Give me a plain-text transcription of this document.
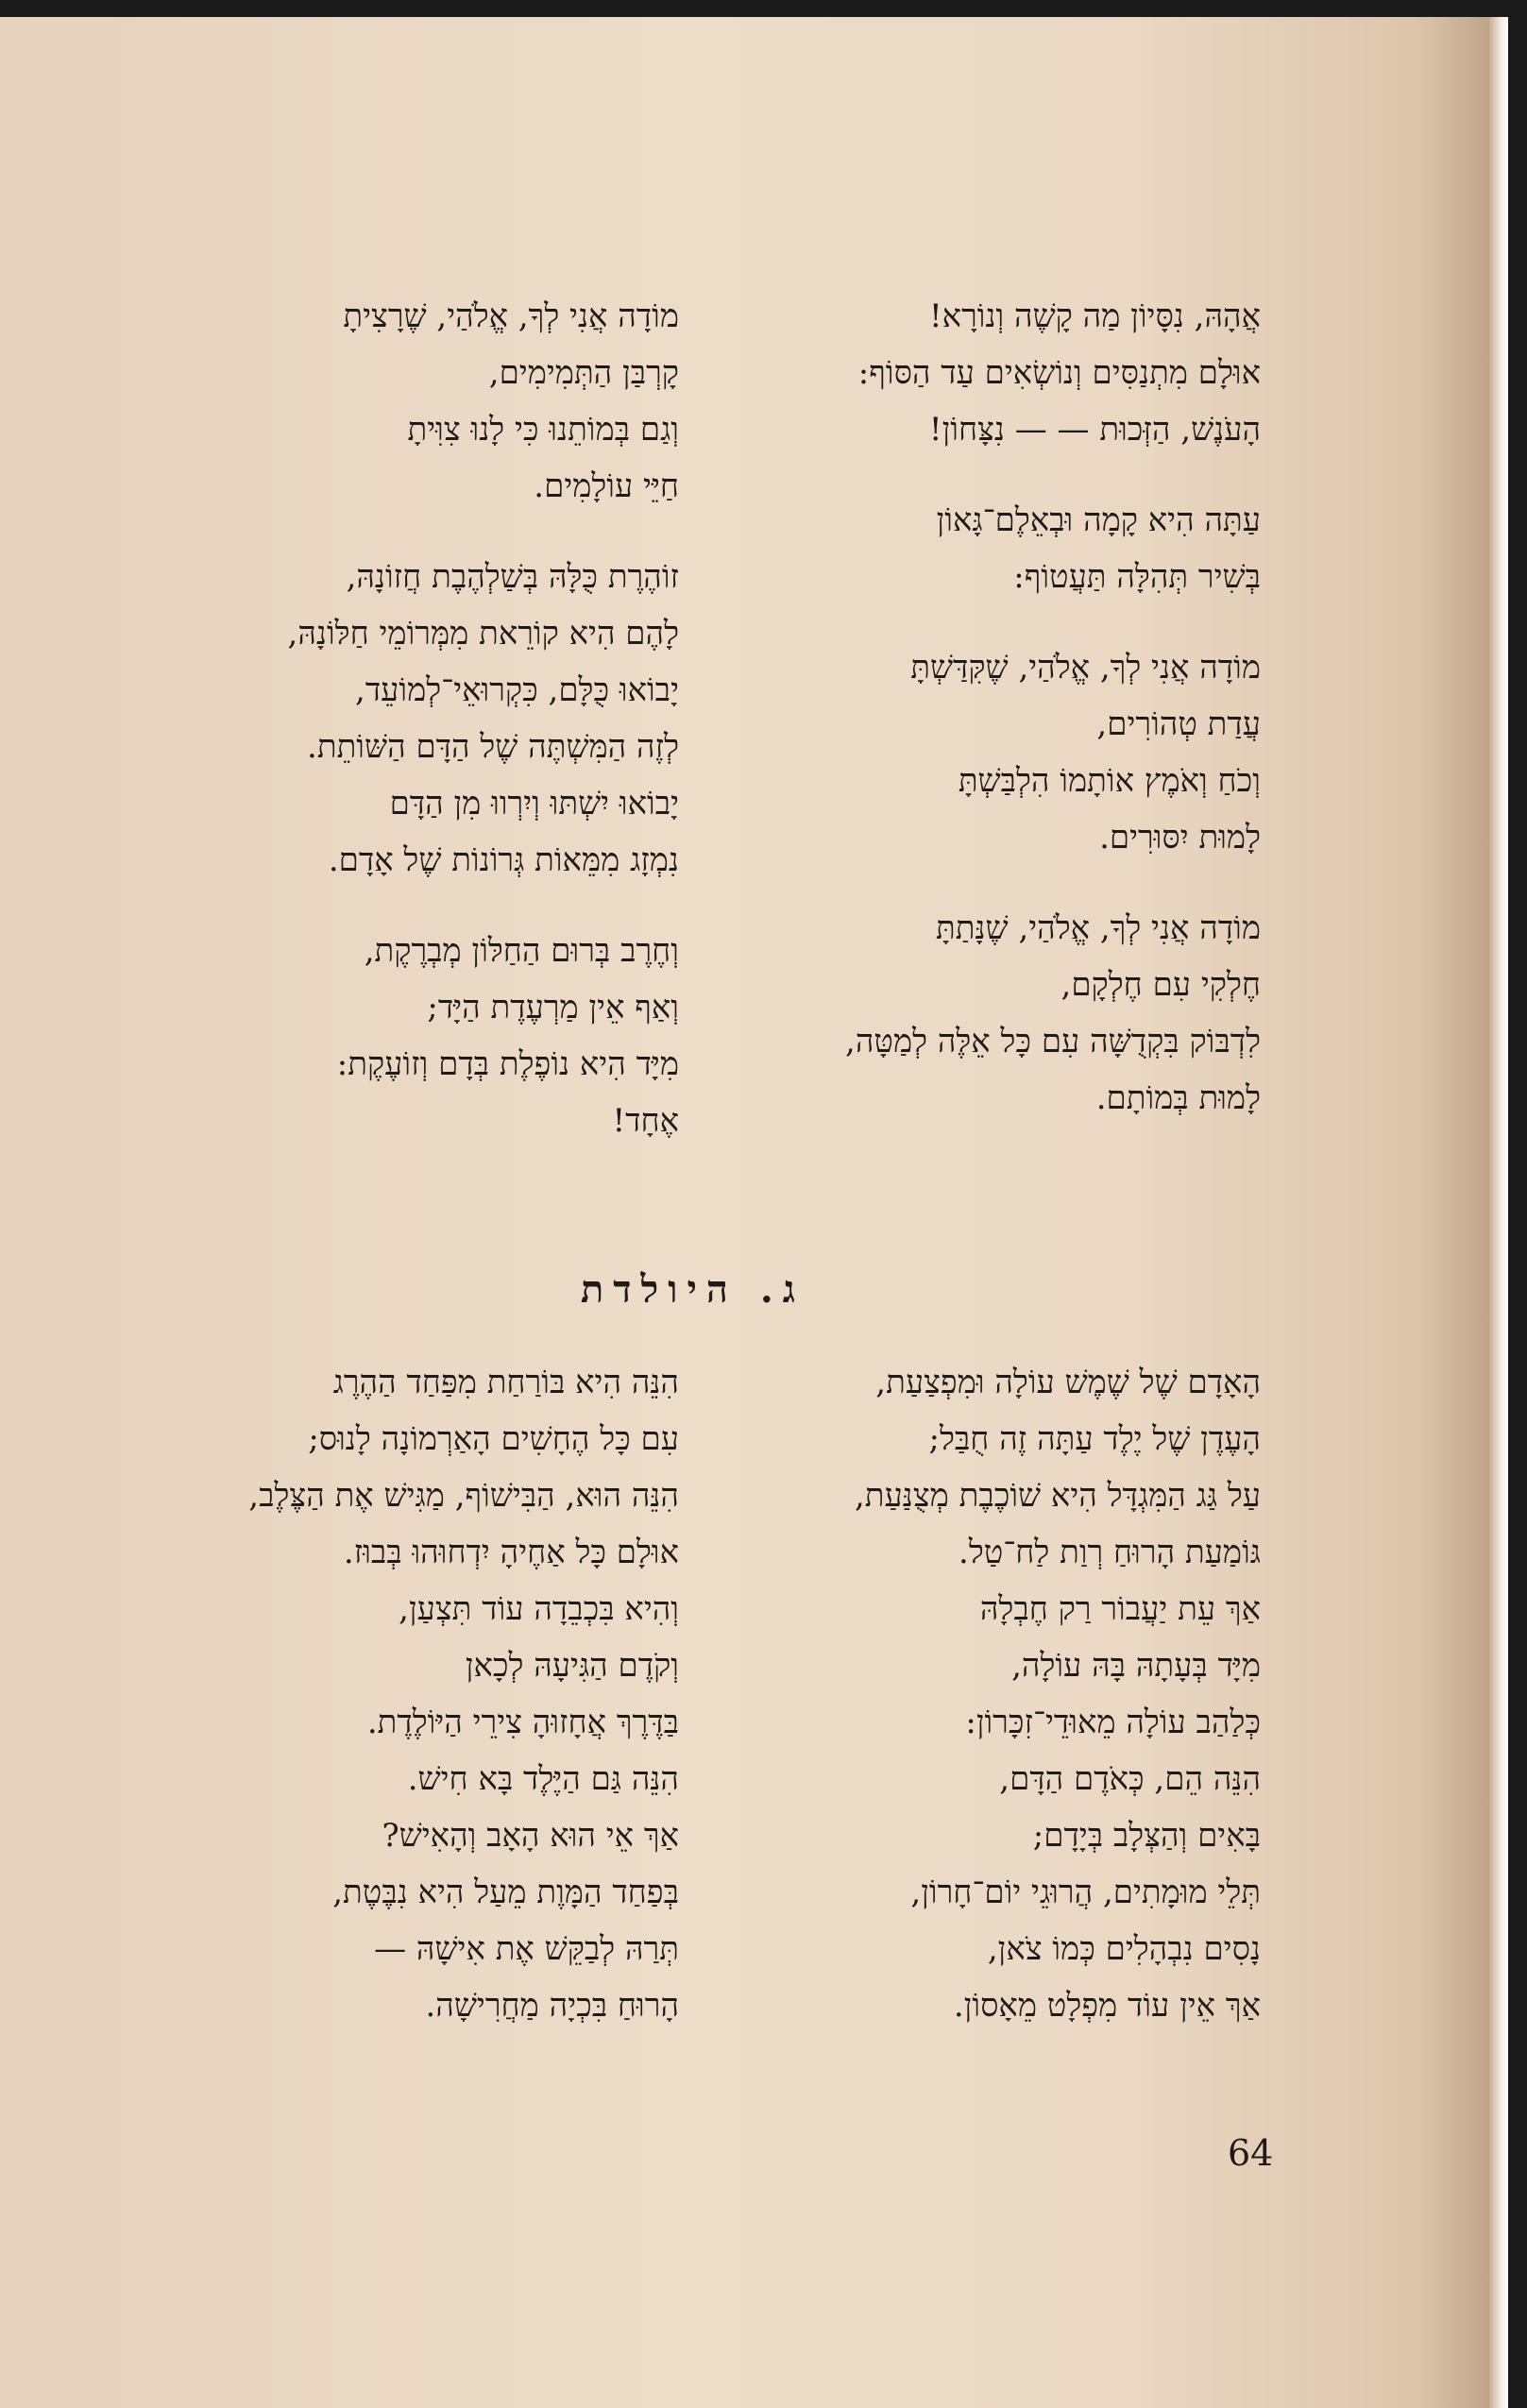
אֲהָהּ, נִסָּיוֹן מַה קָשֶׁה וְנוֹרָא!
אוּלָם מִתְנַסִּים וְנוֹשְׂאִים עַד הַסּוֹף:
הָעֹנֶשׁ, הַזְּכוּת — — נִצָּחוֹן!
עַתָּה הִיא קָמָה וּבְאֵלֶם־גָּאוֹן
בְּשִׁיר תְּהִלָּה תַּעֲטוֹף:
מוֹדָה אֲנִי לְךָ, אֱלֹהַי, שֶׁקִּדַּשְׁתָּ
עֲדַת טְהוֹרִים,
וְכֹחַ וְאֹמֶץ אוֹתָמוֹ הִלְבַּשְׁתָּ
לָמוּת יִסּוּרִים.
מוֹדָה אֲנִי לְךָ, אֱלֹהַי, שֶׁנָּתַתָּ
חֶלְקִי עִם חֶלְקָם,
לִדְבּוֹק בִּקְדֻשָּׁה עִם כָּל אֵלֶּה לְמַטָּה,
לָמוּת בְּמוֹתָם.
מוֹדָה אֲנִי לְךָ, אֱלֹהַי, שֶׁרָצִיתָ
קָרְבַּן הַתְּמִימִים,
וְגַם בְּמוֹתֵנוּ כִּי לָנוּ צִוִּיתָ
חַיֵּי עוֹלָמִים.
זוֹהֶרֶת כֻּלָּהּ בְּשַׁלְהֶבֶת חֲזוֹנָהּ,
לָהֶם הִיא קוֹרֵאת מִמְּרוֹמֵי חַלּוֹנָהּ,
יָבוֹאוּ כֻּלָּם, כִּקְרוּאֵי־לְמוֹעֵד,
לְזֶה הַמִּשְׁתֶּה שֶׁל הַדָּם הַשּׁוֹתֵת.
יָבוֹאוּ יִשְׁתּוּ וְיִרְווּ מִן הַדָּם
נִמְזָג מִמֵּאוֹת גְּרוֹנוֹת שֶׁל אָדָם.
וְחֶרֶב בְּרוּם הַחַלּוֹן מְבְרֶקֶת,
וְאַף אֵין מַרְעֶדֶת הַיָּד;
מִיָּד הִיא נוֹפֶלֶת בְּדָם וְזוֹעֶקֶת:
אֶחָד!
ג. היולדת
הָאָדָם שֶׁל שֶׁמֶשׁ עוֹלָה וּמִפְצַעַת,
הָעֶדֶן שֶׁל יֶלֶד עַתָּה זֶה חֻבַּל;
עַל גַּג הַמִּגְדָּל הִיא שׁוֹכֶבֶת מְצֻנַּעַת,
גּוֹמַעַת הָרוּחַ רְוַת לַח־טַל.
אַךְ עֵת יַעֲבוֹר רַק חֶבְלָהּ
מִיָּד בְּעָתָהּ בָּהּ עוֹלָה,
כְּלַהַב עוֹלָה מֵאוּדֵי־זִכָּרוֹן:
הִנֵּה הֵם, כְּאֹדֶם הַדָּם,
בָּאִים וְהַצְּלָב בְּיָדָם;
תְּלֵי מוּמָתִים, הֲרוּגֵי יוֹם־חָרוֹן,
נָסִים נִבְהָלִים כְּמוֹ צֹאן,
אַךְ אֵין עוֹד מִפְלָט מֵאָסוֹן.
הִנֵּה הִיא בּוֹרַחַת מִפַּחַד הַהֶרֶג
עִם כָּל הֶחָשִׁים הָאַרְמוֹנָה לָנוּס;
הִנֵּה הוּא, הַבִּישׁוֹף, מַגִּישׁ אֶת הַצֶּלֶב,
אוּלָם כָּל אַחֶיהָ יִדְחוּהוּ בְּבוּז.
וְהִיא בִּכְבֵדָה עוֹד תִּצְעַן,
וְקֹדֶם הַגִּיעָהּ לְכָאן
בַּדֶּרֶךְ אֲחָזוּהָ צִירֵי הַיּוֹלֶדֶת.
הִנֵּה גַּם הַיֶּלֶד בָּא חִישׁ.
אַךְ אֵי הוּא הָאָב וְהָאִישׁ?
בְּפַחַד הַמָּוֶת מֵעַל הִיא נִבֶּטֶת,
תְּרַהּ לְבַקֵּשׁ אֶת אִישָׁהּ —
הָרוּחַ בִּכְיָה מַחֲרִישָׁה.
64
